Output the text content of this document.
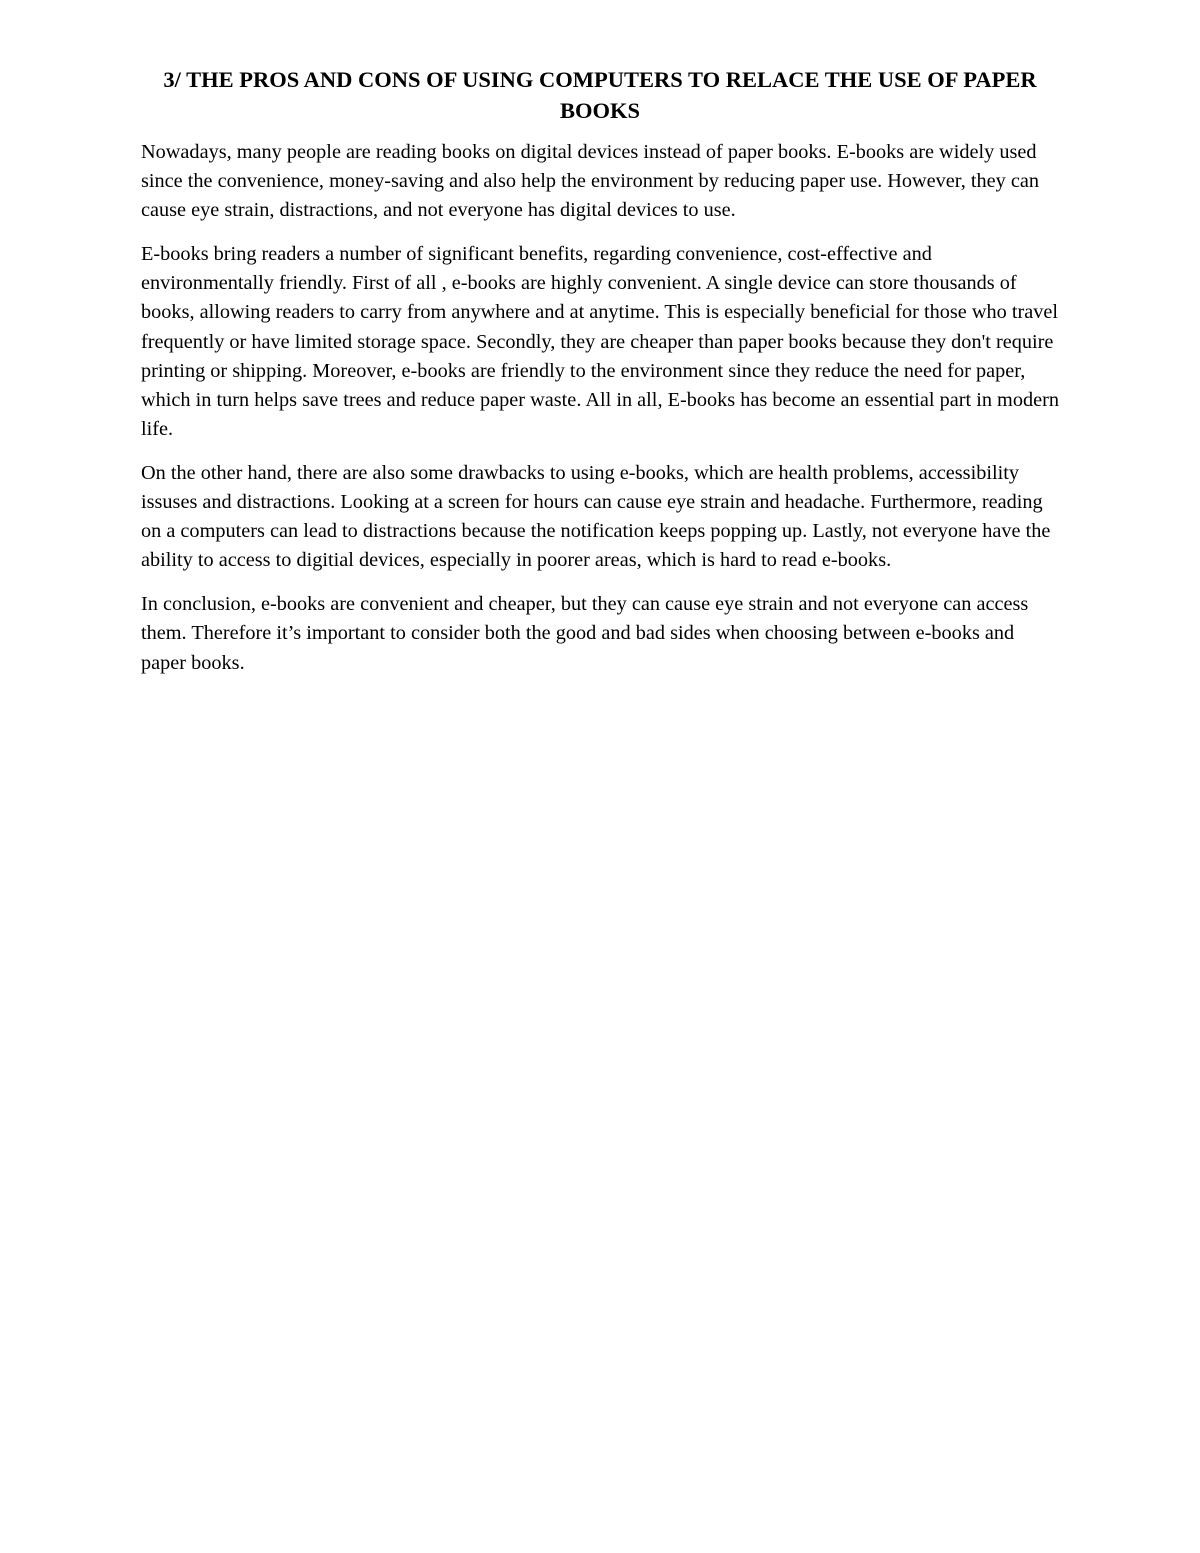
3/ THE PROS AND CONS OF USING COMPUTERS TO RELACE THE USE OF PAPER BOOKS

Nowadays, many people are reading books on digital devices instead of paper books. E-books are widely used since the convenience, money-saving and also help the environment by reducing paper use. However, they can cause eye strain, distractions, and not everyone has digital devices to use.

E-books bring readers a number of significant benefits, regarding convenience, cost-effective and environmentally friendly. First of all , e-books are highly convenient. A single device can store thousands of books, allowing readers to carry from anywhere and at anytime. This is especially beneficial for those who travel frequently or have limited storage space. Secondly, they are cheaper than paper books because they don't require printing or shipping. Moreover, e-books are friendly to the environment since they reduce the need for paper, which in turn helps save trees and reduce paper waste. All in all, E-books has become an essential part in modern life.

On the other hand, there are also some drawbacks to using e-books, which are health problems, accessibility issuses and distractions. Looking at a screen for hours can cause eye strain and headache. Furthermore, reading on a computers can lead to distractions because the notification keeps popping up. Lastly, not everyone have the ability to access to digitial devices, especially in poorer areas, which is hard to read e-books.

In conclusion, e-books are convenient and cheaper, but they can cause eye strain and not everyone can access them. Therefore it’s important to consider both the good and bad sides when choosing between e-books and paper books.
